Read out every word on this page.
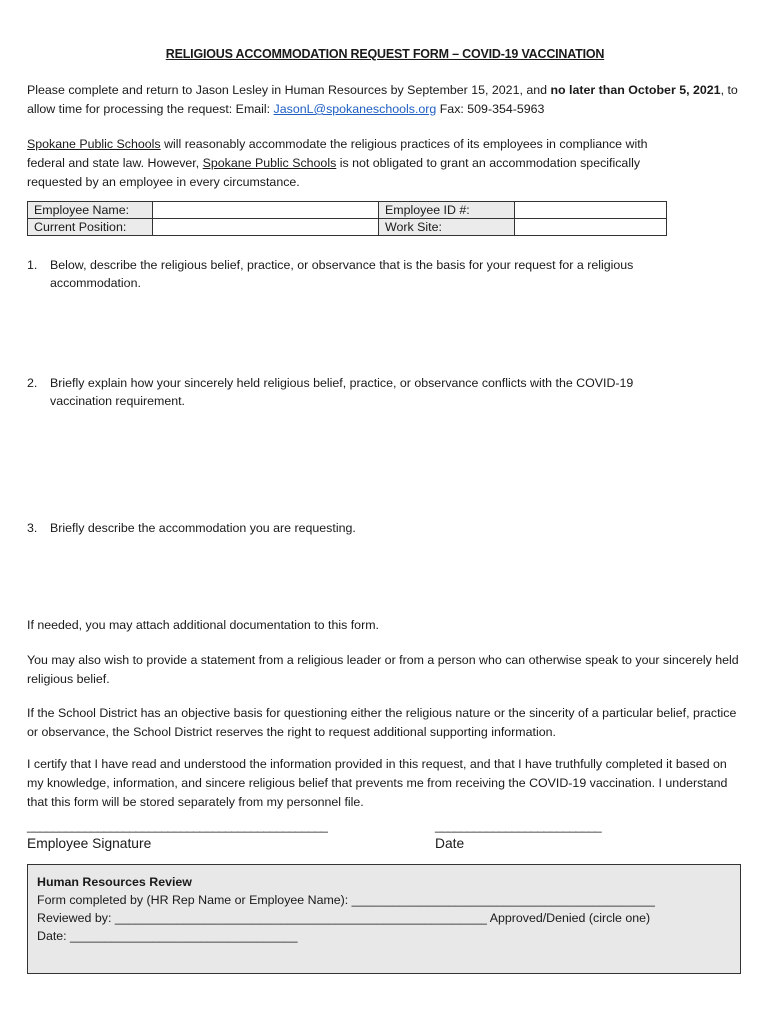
RELIGIOUS ACCOMMODATION REQUEST FORM – COVID-19 VACCINATION
Please complete and return to Jason Lesley in Human Resources by September 15, 2021, and no later than October 5, 2021, to allow time for processing the request: Email: JasonL@spokaneschools.org Fax: 509-354-5963
Spokane Public Schools will reasonably accommodate the religious practices of its employees in compliance with federal and state law. However, Spokane Public Schools is not obligated to grant an accommodation specifically requested by an employee in every circumstance.
Employee Name:		Employee ID #:	
Current Position:		Work Site:	
1. Below, describe the religious belief, practice, or observance that is the basis for your request for a religious accommodation.
2. Briefly explain how your sincerely held religious belief, practice, or observance conflicts with the COVID-19 vaccination requirement.
3. Briefly describe the accommodation you are requesting.
If needed, you may attach additional documentation to this form.
You may also wish to provide a statement from a religious leader or from a person who can otherwise speak to your sincerely held religious belief.
If the School District has an objective basis for questioning either the religious nature or the sincerity of a particular belief, practice or observance, the School District reserves the right to request additional supporting information.
I certify that I have read and understood the information provided in this request, and that I have truthfully completed it based on my knowledge, information, and sincere religious belief that prevents me from receiving the COVID-19 vaccination. I understand that this form will be stored separately from my personnel file.
_______________________________________________	__________________________
Employee Signature	Date
Human Resources Review
Form completed by (HR Rep Name or Employee Name): ____________________________________________
Reviewed by: ______________________________________________________ Approved/Denied (circle one)
Date: _________________________________
